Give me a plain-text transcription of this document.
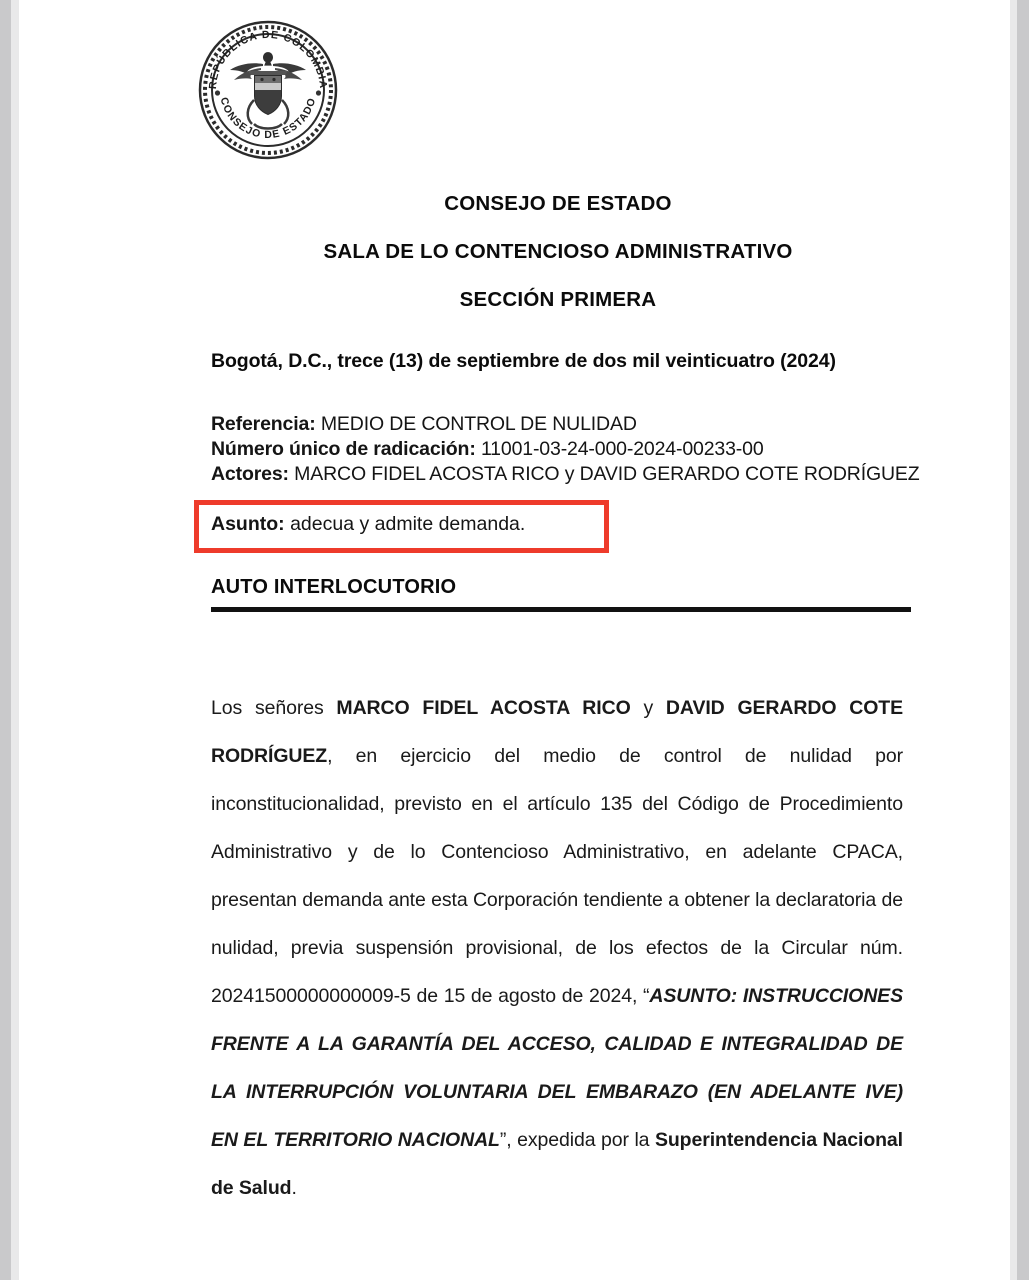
REPÚBLICA DE COLOMBIA
CONSEJO DE ESTADO
CONSEJO DE ESTADO
SALA DE LO CONTENCIOSO ADMINISTRATIVO
SECCIÓN PRIMERA
Bogotá, D.C., trece (13) de septiembre de dos mil veinticuatro (2024)
Referencia: MEDIO DE CONTROL DE NULIDAD
Número único de radicación: 11001-03-24-000-2024-00233-00
Actores: MARCO FIDEL ACOSTA RICO y DAVID GERARDO COTE RODRÍGUEZ
Asunto: adecua y admite demanda.
AUTO INTERLOCUTORIO

Los señores MARCO FIDEL ACOSTA RICO y DAVID GERARDO COTE RODRÍGUEZ, en ejercicio del medio de control de nulidad por inconstitucionalidad, previsto en el artículo 135 del Código de Procedimiento Administrativo y de lo Contencioso Administrativo, en adelante CPACA, presentan demanda ante esta Corporación tendiente a obtener la declaratoria de nulidad, previa suspensión provisional, de los efectos de la Circular núm. 20241500000000009-5 de 15 de agosto de 2024, “ASUNTO: INSTRUCCIONES FRENTE A LA GARANTÍA DEL ACCESO, CALIDAD E INTEGRALIDAD DE LA INTERRUPCIÓN VOLUNTARIA DEL EMBARAZO (EN ADELANTE IVE) EN EL TERRITORIO NACIONAL”, expedida por la Superintendencia Nacional de Salud.
